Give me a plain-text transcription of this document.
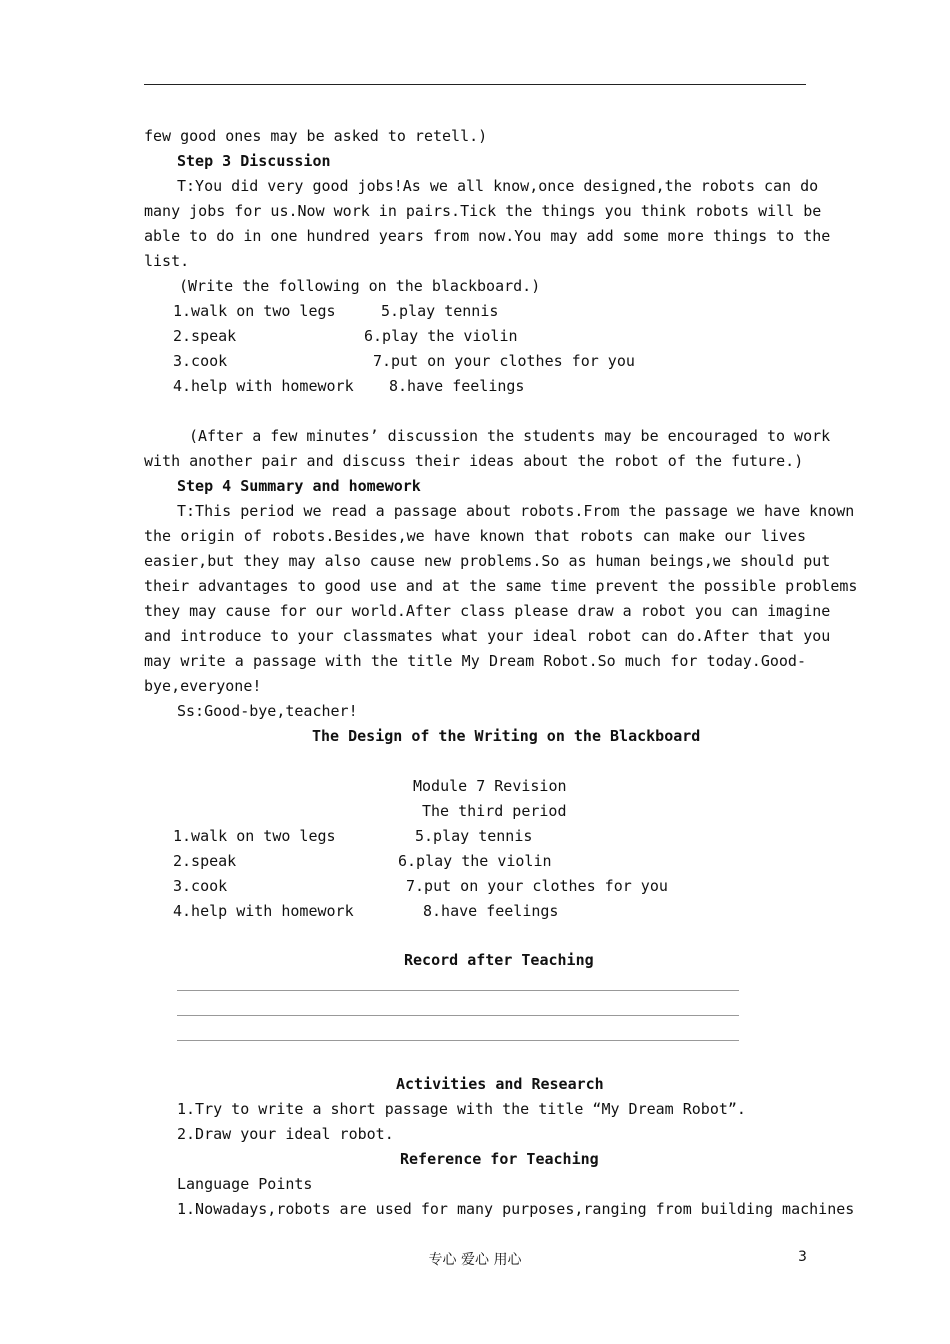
few good ones may be asked to retell.)
Step 3 Discussion
T:You did very good jobs!As we all know,once designed,the robots can do
many jobs for us.Now work in pairs.Tick the things you think robots will be
able to do in one hundred years from now.You may add some more things to the
list.
(Write the following on the blackboard.)
1.walk on two legs	5.play tennis
2.speak	6.play the violin
3.cook	7.put on your clothes for you
4.help with homework 8.have feelings
(After a few minutes’ discussion the students may be encouraged to work
with another pair and discuss their ideas about the robot of the future.)
Step 4 Summary and homework
T:This period we read a passage about robots.From the passage we have known
the origin of robots.Besides,we have known that robots can make our lives
easier,but they may also cause new problems.So as human beings,we should put
their advantages to good use and at the same time prevent the possible problems
they may cause for our world.After class please draw a robot you can imagine
and introduce to your classmates what your ideal robot can do.After that you
may write a passage with the title My Dream Robot.So much for today.Good-
bye,everyone!
Ss:Good-bye,teacher!
The Design of the Writing on the Blackboard
Module 7 Revision
The third period
1.walk on two legs	5.play tennis
2.speak	6.play the violin
3.cook	7.put on your clothes for you
4.help with homework	8.have feelings
Record after Teaching
Activities and Research
1.Try to write a short passage with the title “My Dream Robot”.
2.Draw your ideal robot.
Reference for Teaching
Language Points
1.Nowadays,robots are used for many purposes,ranging from building machines
专心 爱心 用心	3
